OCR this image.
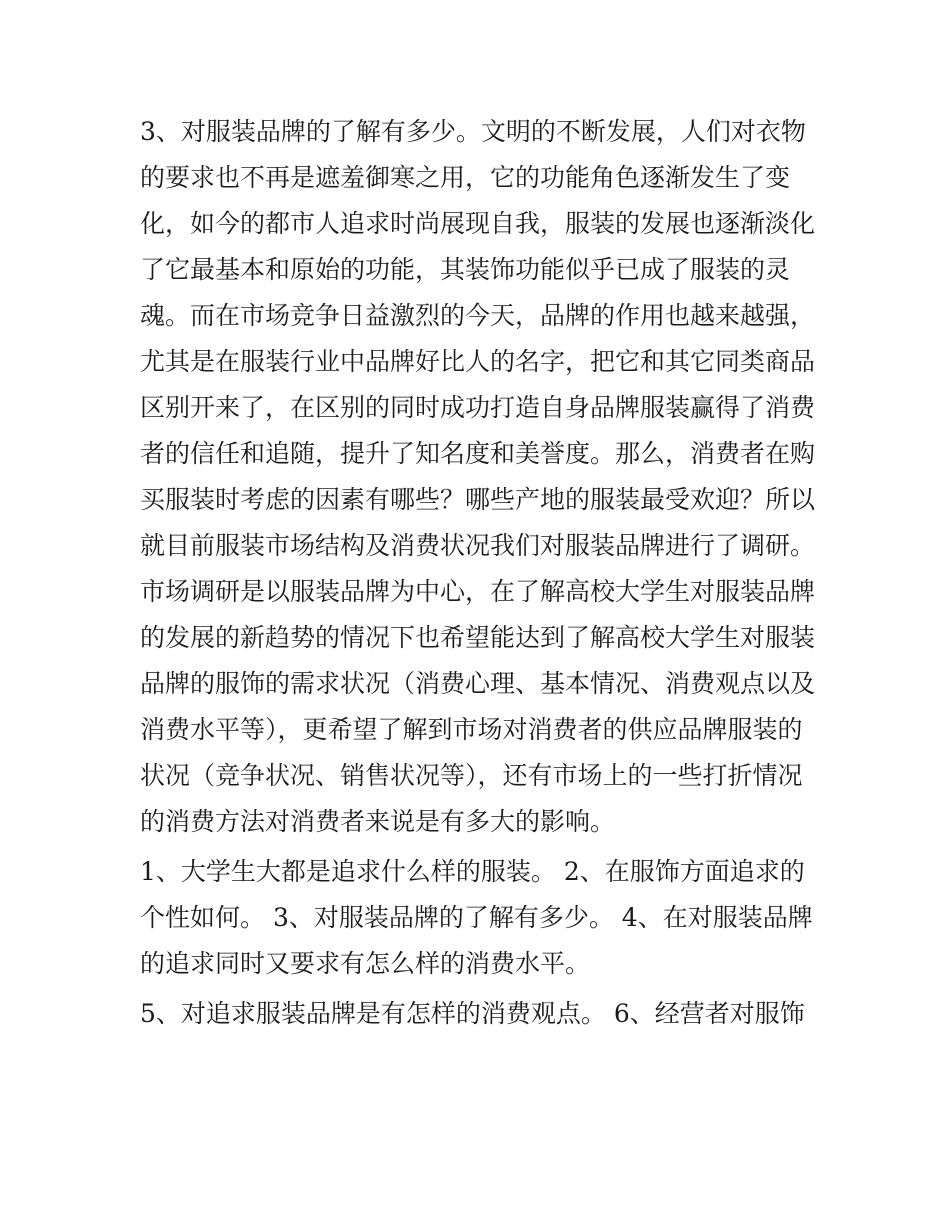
3、对服装品牌的了解有多少。文明的不断发展，人们对衣物
的要求也不再是遮羞御寒之用，它的功能角色逐渐发生了变
化，如今的都市人追求时尚展现自我，服装的发展也逐渐淡化
了它最基本和原始的功能，其装饰功能似乎已成了服装的灵
魂。而在市场竞争日益激烈的今天，品牌的作用也越来越强，
尤其是在服装行业中品牌好比人的名字，把它和其它同类商品
区别开来了，在区别的同时成功打造自身品牌服装赢得了消费
者的信任和追随，提升了知名度和美誉度。那么，消费者在购
买服装时考虑的因素有哪些？哪些产地的服装最受欢迎？所以
就目前服装市场结构及消费状况我们对服装品牌进行了调研。
市场调研是以服装品牌为中心，在了解高校大学生对服装品牌
的发展的新趋势的情况下也希望能达到了解高校大学生对服装
品牌的服饰的需求状况（消费心理、基本情况、消费观点以及
消费水平等），更希望了解到市场对消费者的供应品牌服装的
状况（竞争状况、销售状况等），还有市场上的一些打折情况
的消费方法对消费者来说是有多大的影响。
1、大学生大都是追求什么样的服装。 2、在服饰方面追求的
个性如何。 3、对服装品牌的了解有多少。 4、在对服装品牌
的追求同时又要求有怎么样的消费水平。
5、对追求服装品牌是有怎样的消费观点。 6、经营者对服饰
